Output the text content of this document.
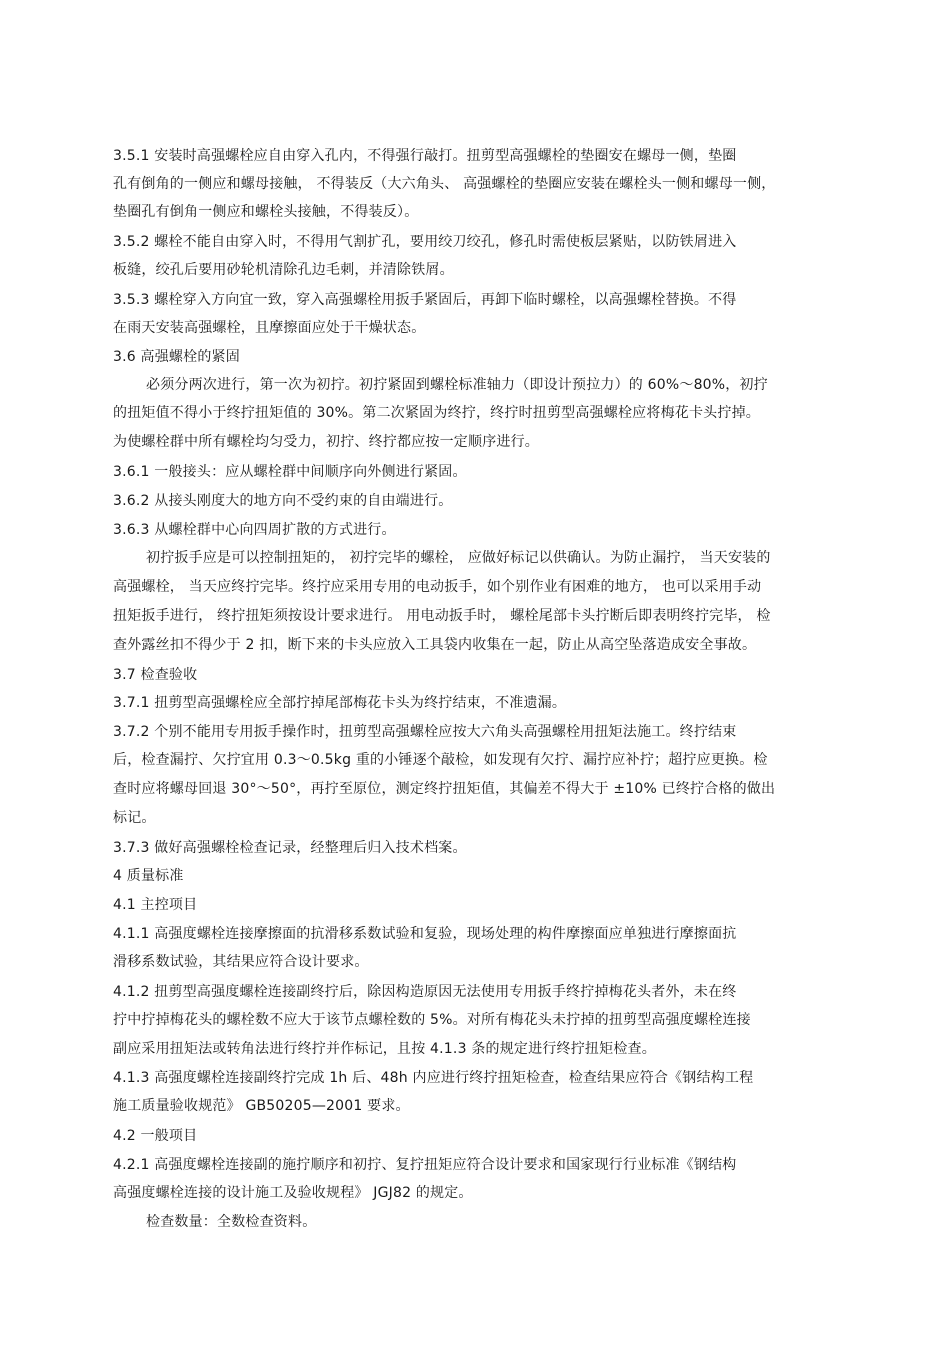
3.5.1 安装时高强螺栓应自由穿入孔内，不得强行敲打。扭剪型高强螺栓的垫圈安在螺母一侧，垫圈
孔有倒角的一侧应和螺母接触， 不得装反（大六角头、 高强螺栓的垫圈应安装在螺栓头一侧和螺母一侧，
垫圈孔有倒角一侧应和螺栓头接触，不得装反）。
3.5.2 螺栓不能自由穿入时，不得用气割扩孔，要用绞刀绞孔，修孔时需使板层紧贴，以防铁屑进入
板缝，绞孔后要用砂轮机清除孔边毛刺，并清除铁屑。
3.5.3 螺栓穿入方向宜一致，穿入高强螺栓用扳手紧固后，再卸下临时螺栓，以高强螺栓替换。不得
在雨天安装高强螺栓，且摩擦面应处于干燥状态。
3.6 高强螺栓的紧固
必须分两次进行，第一次为初拧。初拧紧固到螺栓标准轴力（即设计预拉力）的 60%～80%，初拧
的扭矩值不得小于终拧扭矩值的 30%。第二次紧固为终拧，终拧时扭剪型高强螺栓应将梅花卡头拧掉。
为使螺栓群中所有螺栓均匀受力，初拧、终拧都应按一定顺序进行。
3.6.1 一般接头：应从螺栓群中间顺序向外侧进行紧固。
3.6.2 从接头刚度大的地方向不受约束的自由端进行。
3.6.3 从螺栓群中心向四周扩散的方式进行。
初拧扳手应是可以控制扭矩的， 初拧完毕的螺栓， 应做好标记以供确认。为防止漏拧， 当天安装的
高强螺栓， 当天应终拧完毕。终拧应采用专用的电动扳手，如个别作业有困难的地方， 也可以采用手动
扭矩扳手进行， 终拧扭矩须按设计要求进行。 用电动扳手时， 螺栓尾部卡头拧断后即表明终拧完毕， 检
查外露丝扣不得少于 2 扣，断下来的卡头应放入工具袋内收集在一起，防止从高空坠落造成安全事故。
3.7 检查验收
3.7.1 扭剪型高强螺栓应全部拧掉尾部梅花卡头为终拧结束，不准遗漏。
3.7.2 个别不能用专用扳手操作时，扭剪型高强螺栓应按大六角头高强螺栓用扭矩法施工。终拧结束
后，检查漏拧、欠拧宜用 0.3～0.5kg 重的小锤逐个敲检，如发现有欠拧、漏拧应补拧；超拧应更换。检
查时应将螺母回退 30°～50°，再拧至原位，测定终拧扭矩值，其偏差不得大于 ±10% 已终拧合格的做出
标记。
3.7.3 做好高强螺栓检查记录，经整理后归入技术档案。
4 质量标准
4.1 主控项目
4.1.1 高强度螺栓连接摩擦面的抗滑移系数试验和复验，现场处理的构件摩擦面应单独进行摩擦面抗
滑移系数试验，其结果应符合设计要求。
4.1.2 扭剪型高强度螺栓连接副终拧后，除因构造原因无法使用专用扳手终拧掉梅花头者外，未在终
拧中拧掉梅花头的螺栓数不应大于该节点螺栓数的 5%。对所有梅花头未拧掉的扭剪型高强度螺栓连接
副应采用扭矩法或转角法进行终拧并作标记，且按 4.1.3 条的规定进行终拧扭矩检查。
4.1.3 高强度螺栓连接副终拧完成 1h 后、48h 内应进行终拧扭矩检查，检查结果应符合《钢结构工程
施工质量验收规范》 GB50205—2001 要求。
4.2 一般项目
4.2.1 高强度螺栓连接副的施拧顺序和初拧、复拧扭矩应符合设计要求和国家现行行业标准《钢结构
高强度螺栓连接的设计施工及验收规程》 JGJ82 的规定。
检查数量：全数检查资料。
